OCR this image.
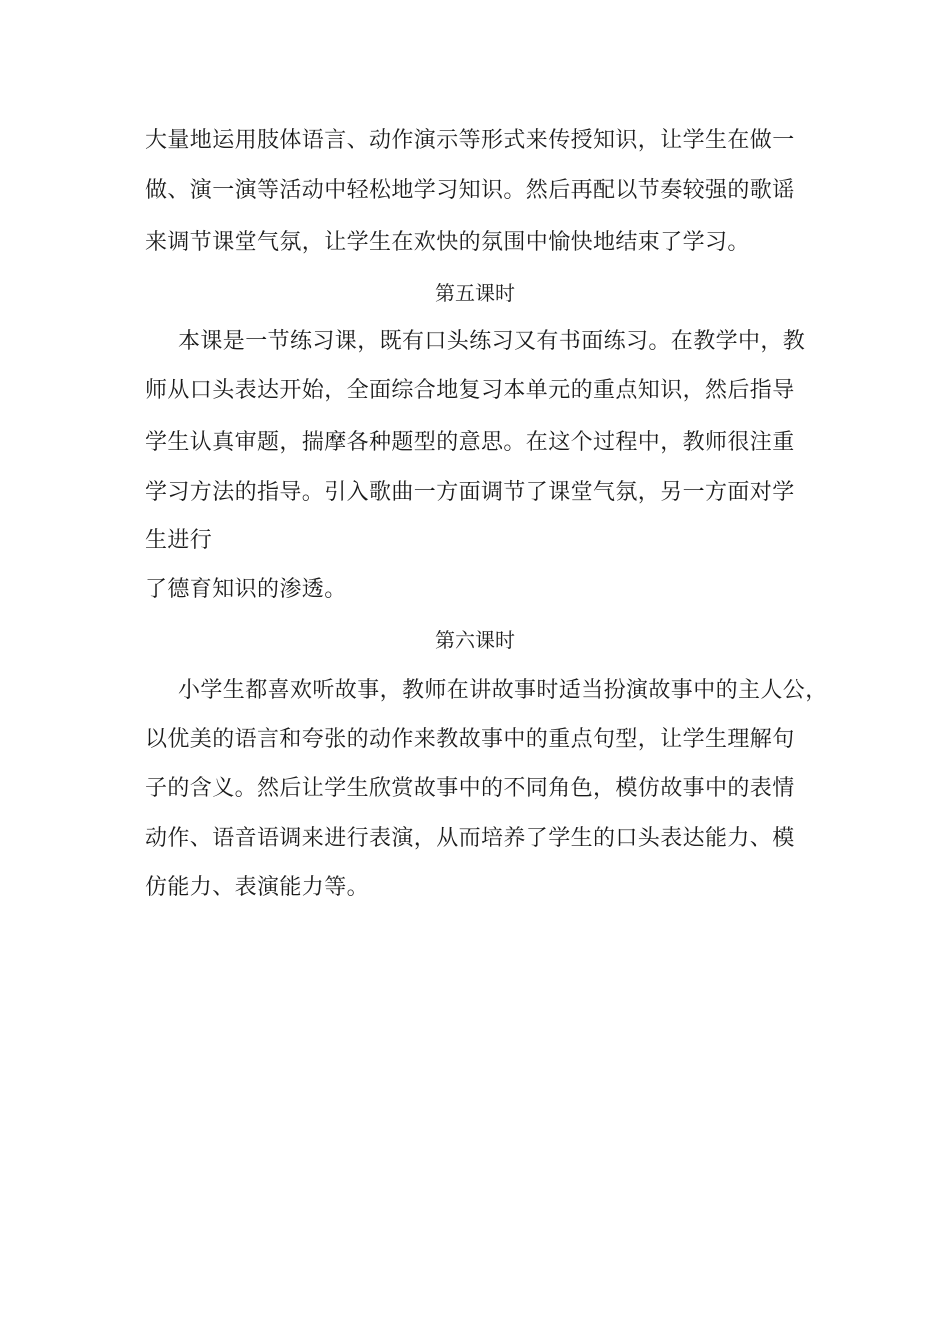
大量地运用肢体语言、动作演示等形式来传授知识，让学生在做一
做、演一演等活动中轻松地学习知识。然后再配以节奏较强的歌谣
来调节课堂气氛，让学生在欢快的氛围中愉快地结束了学习。
第五课时
本课是一节练习课，既有口头练习又有书面练习。在教学中，教
师从口头表达开始，全面综合地复习本单元的重点知识，然后指导
学生认真审题，揣摩各种题型的意思。在这个过程中，教师很注重
学习方法的指导。引入歌曲一方面调节了课堂气氛，另一方面对学
生进行
了德育知识的渗透。
第六课时
小学生都喜欢听故事，教师在讲故事时适当扮演故事中的主人公，
以优美的语言和夸张的动作来教故事中的重点句型，让学生理解句
子的含义。然后让学生欣赏故事中的不同角色，模仿故事中的表情
动作、语音语调来进行表演，从而培养了学生的口头表达能力、模
仿能力、表演能力等。
